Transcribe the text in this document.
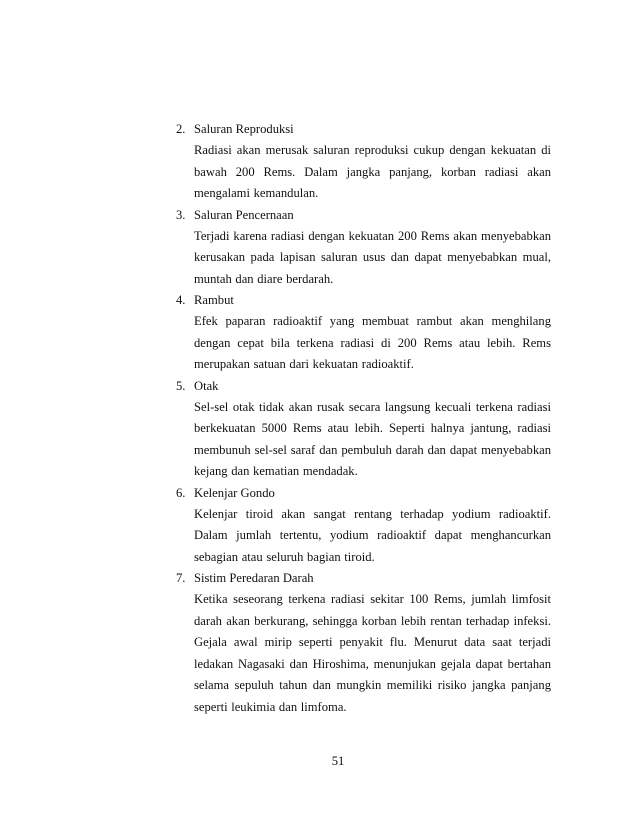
2. Saluran Reproduksi
Radiasi akan merusak saluran reproduksi cukup dengan kekuatan di bawah 200 Rems. Dalam jangka panjang, korban radiasi akan mengalami kemandulan.
3. Saluran Pencernaan
Terjadi karena radiasi dengan kekuatan 200 Rems akan menyebabkan kerusakan pada lapisan saluran usus dan dapat menyebabkan mual, muntah dan diare berdarah.
4. Rambut
Efek paparan radioaktif yang membuat rambut akan menghilang dengan cepat bila terkena radiasi di 200 Rems atau lebih. Rems merupakan satuan dari kekuatan radioaktif.
5. Otak
Sel-sel otak tidak akan rusak secara langsung kecuali terkena radiasi berkekuatan 5000 Rems atau lebih. Seperti halnya jantung, radiasi membunuh sel-sel saraf dan pembuluh darah dan dapat menyebabkan kejang dan kematian mendadak.
6. Kelenjar Gondo
Kelenjar tiroid akan sangat rentang terhadap yodium radioaktif. Dalam jumlah tertentu, yodium radioaktif dapat menghancurkan sebagian atau seluruh bagian tiroid.
7. Sistim Peredaran Darah
Ketika seseorang terkena radiasi sekitar 100 Rems, jumlah limfosit darah akan berkurang, sehingga korban lebih rentan terhadap infeksi. Gejala awal mirip seperti penyakit flu. Menurut data saat terjadi ledakan Nagasaki dan Hiroshima, menunjukan gejala dapat bertahan selama sepuluh tahun dan mungkin memiliki risiko jangka panjang seperti leukimia dan limfoma.
51
